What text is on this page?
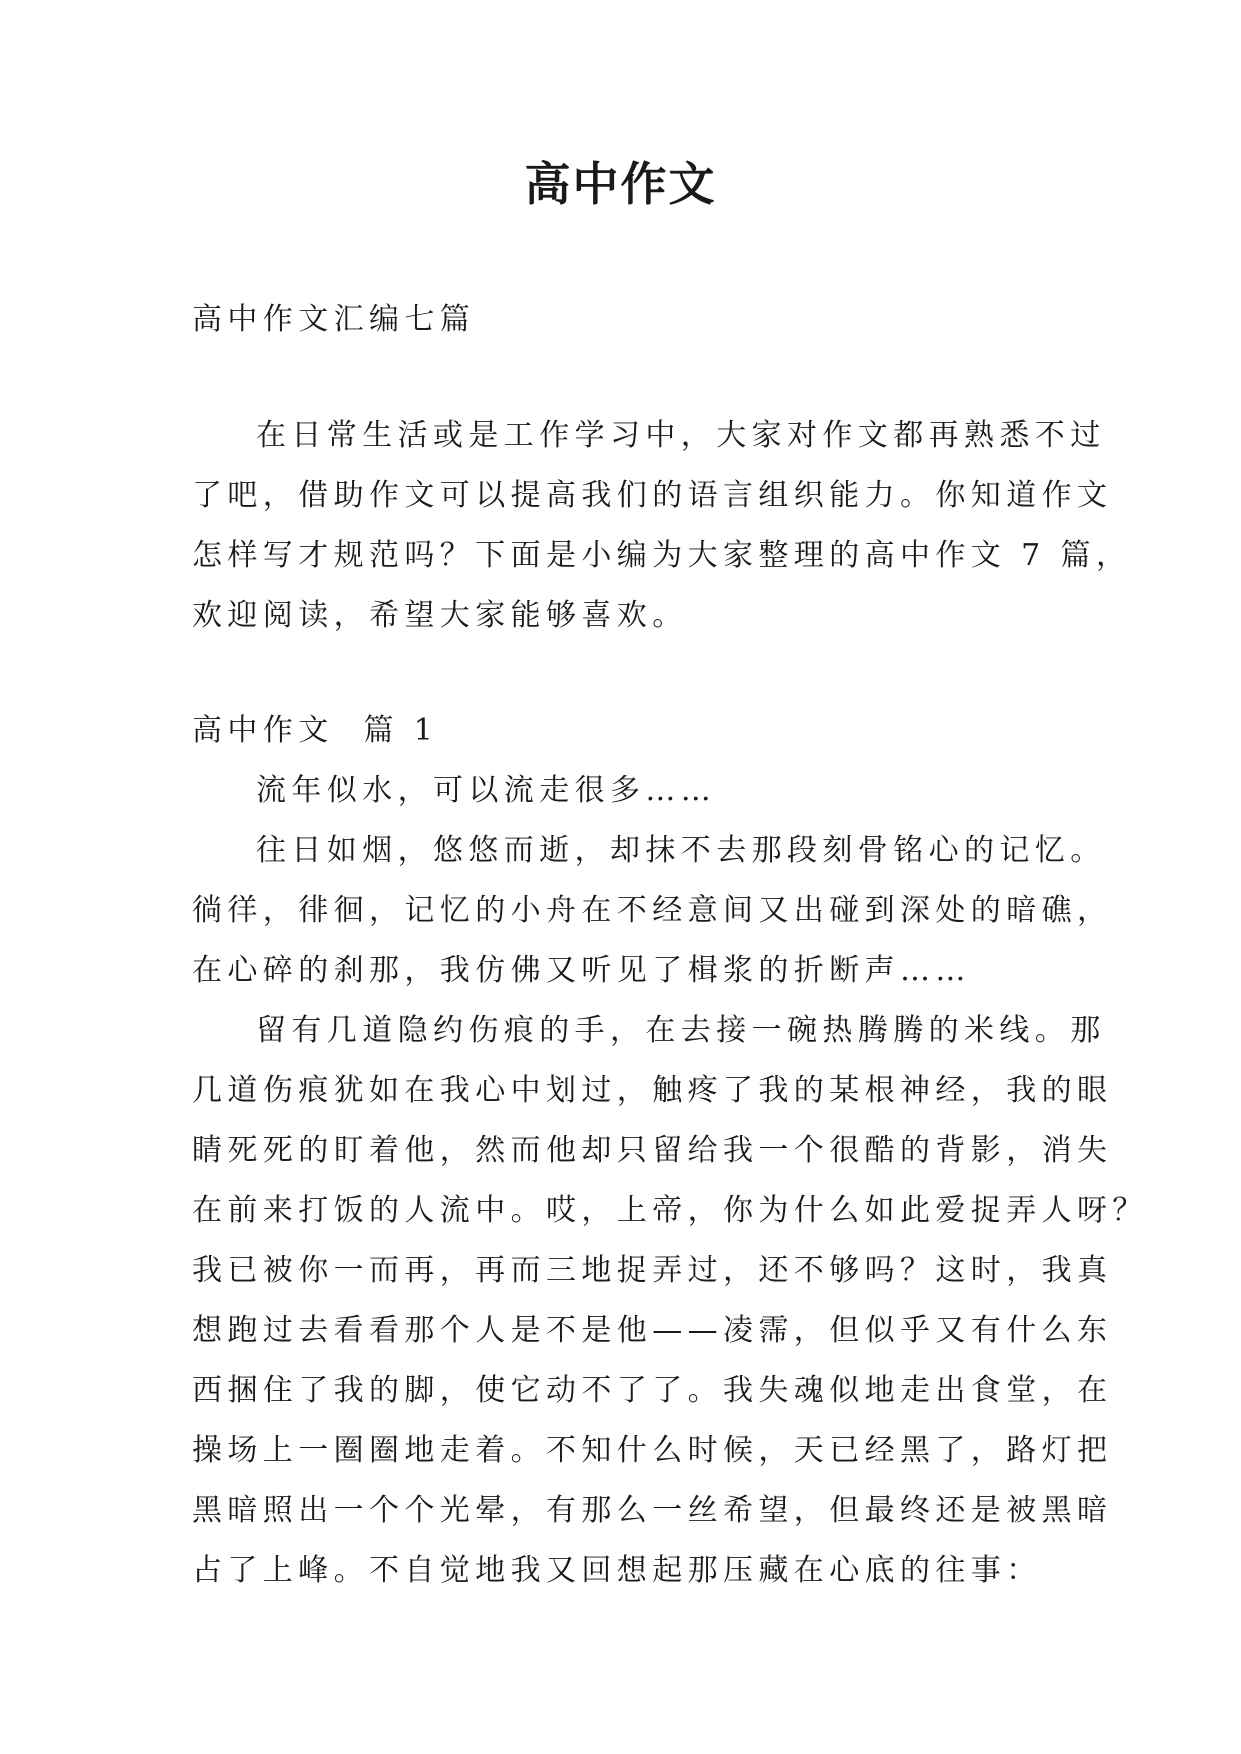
高中作文
高中作文汇编七篇
在日常生活或是工作学习中，大家对作文都再熟悉不过
了吧，借助作文可以提高我们的语言组织能力。你知道作文
怎样写才规范吗？下面是小编为大家整理的高中作文 7 篇，
欢迎阅读，希望大家能够喜欢。
高中作文  篇 1
流年似水，可以流走很多……
往日如烟，悠悠而逝，却抹不去那段刻骨铭心的记忆。
徜徉，徘徊，记忆的小舟在不经意间又出碰到深处的暗礁，
在心碎的刹那，我仿佛又听见了楫浆的折断声……
留有几道隐约伤痕的手，在去接一碗热腾腾的米线。那
几道伤痕犹如在我心中划过，触疼了我的某根神经，我的眼
睛死死的盯着他，然而他却只留给我一个很酷的背影，消失
在前来打饭的人流中。哎，上帝，你为什么如此爱捉弄人呀？
我已被你一而再，再而三地捉弄过，还不够吗？这时，我真
想跑过去看看那个人是不是他——凌霈，但似乎又有什么东
西捆住了我的脚，使它动不了了。我失魂似地走出食堂，在
操场上一圈圈地走着。不知什么时候，天已经黑了，路灯把
黑暗照出一个个光晕，有那么一丝希望，但最终还是被黑暗
占了上峰。不自觉地我又回想起那压藏在心底的往事：
